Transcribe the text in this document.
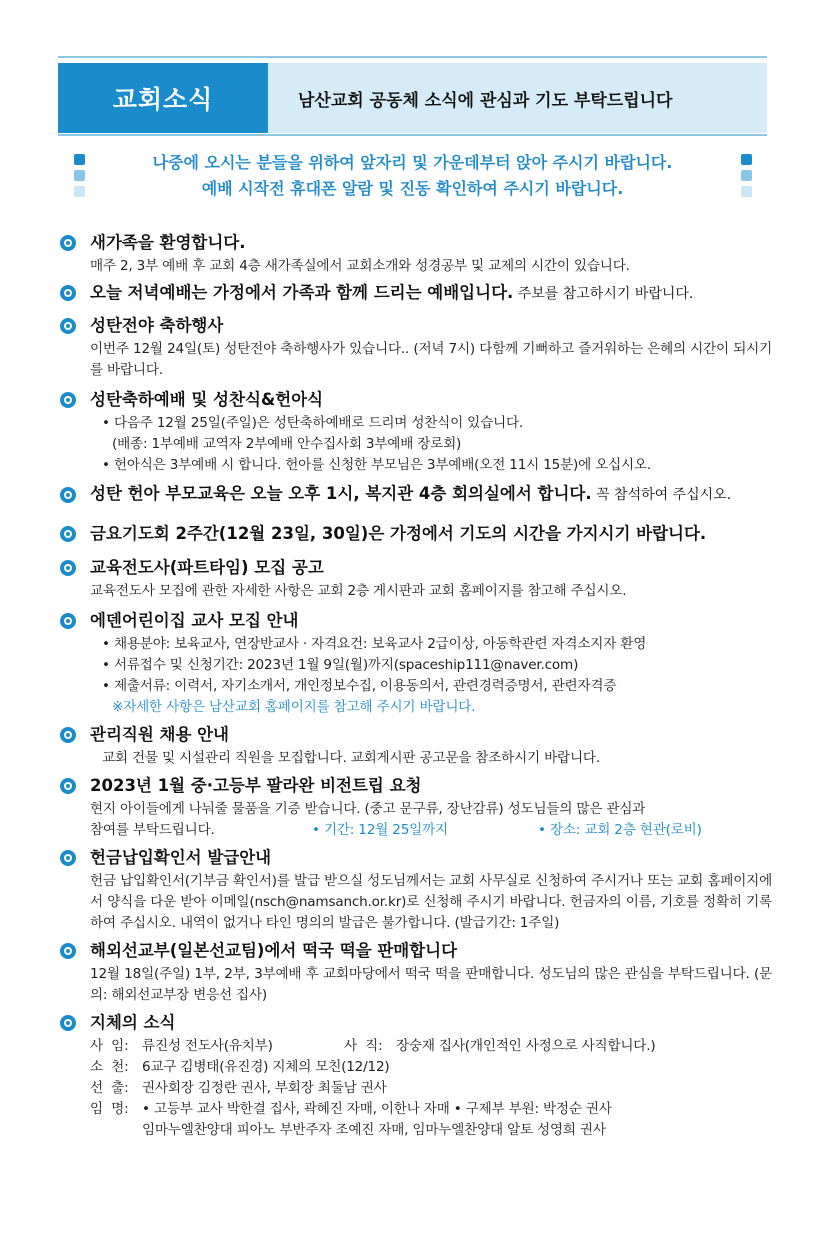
교회소식	남산교회 공동체 소식에 관심과 기도 부탁드립니다
나중에 오시는 분들을 위하여 앞자리 및 가운데부터 앉아 주시기 바랍니다.
예배 시작전 휴대폰 알람 및 진동 확인하여 주시기 바랍니다.
새가족을 환영합니다.
매주 2, 3부 예배 후 교회 4층 새가족실에서 교회소개와 성경공부 및 교제의 시간이 있습니다.
오늘 저녁예배는 가정에서 가족과 함께 드리는 예배입니다. 주보를 참고하시기 바랍니다.
성탄전야 축하행사
이번주 12월 24일(토) 성탄전야 축하행사가 있습니다.. (저녁 7시) 다함께 기뻐하고 즐거워하는 은혜의 시간이 되시기를 바랍니다.
성탄축하예배 및 성찬식&헌아식
• 다음주 12월 25일(주일)은 성탄축하예배로 드리며 성찬식이 있습니다.
(배종: 1부예배 교역자 2부예배 안수집사회 3부예배 장로회)
• 헌아식은 3부예배 시 합니다. 헌아를 신청한 부모님은 3부예배(오전 11시 15분)에 오십시오.
성탄 헌아 부모교육은 오늘 오후 1시, 복지관 4층 회의실에서 합니다. 꼭 참석하여 주십시오.
금요기도회 2주간(12월 23일, 30일)은 가정에서 기도의 시간을 가지시기 바랍니다.
교육전도사(파트타임) 모집 공고
교육전도사 모집에 관한 자세한 사항은 교회 2층 게시판과 교회 홈페이지를 참고해 주십시오.
에덴어린이집 교사 모집 안내
• 채용분야: 보육교사, 연장반교사 · 자격요건: 보육교사 2급이상, 아동학관련 자격소지자 환영
• 서류접수 및 신청기간: 2023년 1월 9일(월)까지(spaceship111@naver.com)
• 제출서류: 이력서, 자기소개서, 개인정보수집, 이용동의서, 관련경력증명서, 관련자격증
※자세한 사항은 남산교회 홈페이지를 참고해 주시기 바랍니다.
관리직원 채용 안내
교회 건물 및 시설관리 직원을 모집합니다. 교회게시판 공고문을 참조하시기 바랍니다.
2023년 1월 중·고등부 팔라완 비전트립 요청
현지 아이들에게 나눠줄 물품을 기증 받습니다. (중고 문구류, 장난감류) 성도님들의 많은 관심과
참여를 부탁드립니다.	• 기간: 12월 25일까지	• 장소: 교회 2층 현관(로비)
헌금납입확인서 발급안내
헌금 납입확인서(기부금 확인서)를 발급 받으실 성도님께서는 교회 사무실로 신청하여 주시거나 또는 교회 홈페이지에서 양식을 다운 받아 이메일(nsch@namsanch.or.kr)로 신청해 주시기 바랍니다. 헌금자의 이름, 기호를 정확히 기록하여 주십시오. 내역이 없거나 타인 명의의 발급은 불가합니다. (발급기간: 1주일)
해외선교부(일본선교팀)에서 떡국 떡을 판매합니다
12월 18일(주일) 1부, 2부, 3부예배 후 교회마당에서 떡국 떡을 판매합니다. 성도님의 많은 관심을 부탁드립니다. (문의: 해외선교부장 변응선 집사)
지체의 소식
사  임: 류진성 전도사(유치부)	사  직: 장숭재 집사(개인적인 사정으로 사직합니다.)
소  천: 6교구 김병태(유진경) 지체의 모친(12/12)
선  출: 권사회장 김정란 권사, 부회장 최둘남 권사
임  명: • 고등부 교사 박한결 집사, 곽혜진 자매, 이한나 자매 • 구제부 부원: 박정순 권사
임마누엘찬양대 피아노 부반주자 조예진 자매, 임마누엘찬양대 알토 성영희 권사
